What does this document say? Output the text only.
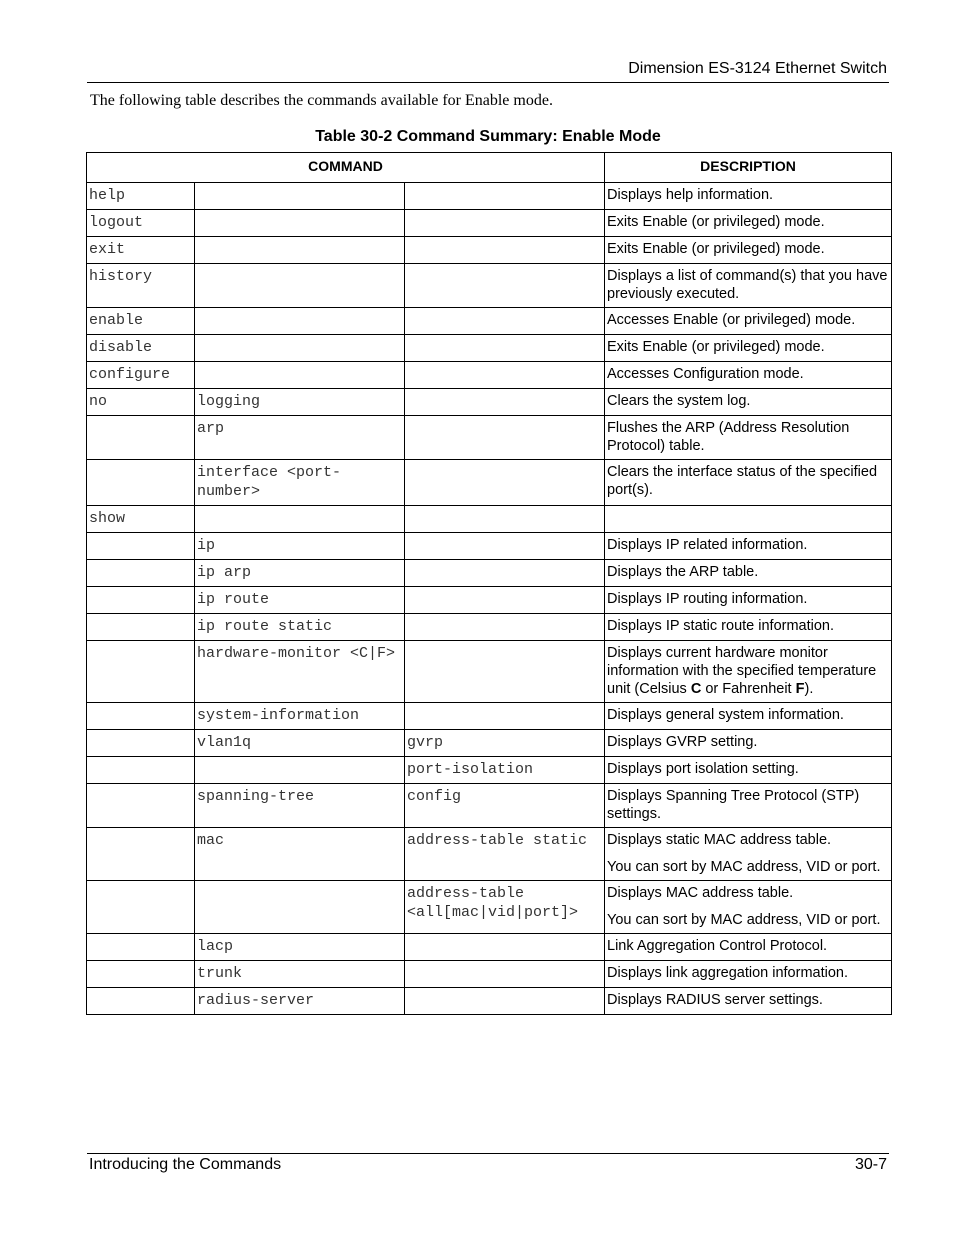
Dimension ES-3124 Ethernet Switch
The following table describes the commands available for Enable mode.
Table 30-2 Command Summary: Enable Mode
COMMAND			DESCRIPTION
help			Displays help information.
logout			Exits Enable (or privileged) mode.
exit			Exits Enable (or privileged) mode.
history			Displays a list of command(s) that you have previously executed.
enable			Accesses Enable (or privileged) mode.
disable			Exits Enable (or privileged) mode.
configure			Accesses Configuration mode.
no	logging		Clears the system log.
	arp		Flushes the ARP (Address Resolution Protocol) table.
	interface <port-number>		Clears the interface status of the specified port(s).
show			
	ip		Displays IP related information.
	ip arp		Displays the ARP table.
	ip route		Displays IP routing information.
	ip route static		Displays IP static route information.
	hardware-monitor <C|F>		Displays current hardware monitor information with the specified temperature unit (Celsius C or Fahrenheit F).
	system-information		Displays general system information.
	vlan1q	gvrp	Displays GVRP setting.
		port-isolation	Displays port isolation setting.
	spanning-tree	config	Displays Spanning Tree Protocol (STP) settings.
	mac	address-table static	Displays static MAC address table.
You can sort by MAC address, VID or port.

		address-table <all[mac|vid|port]>	Displays MAC address table.
You can sort by MAC address, VID or port.

	lacp		Link Aggregation Control Protocol.
	trunk		Displays link aggregation information.
	radius-server		Displays RADIUS server settings.
Introducing the Commands	30-7
